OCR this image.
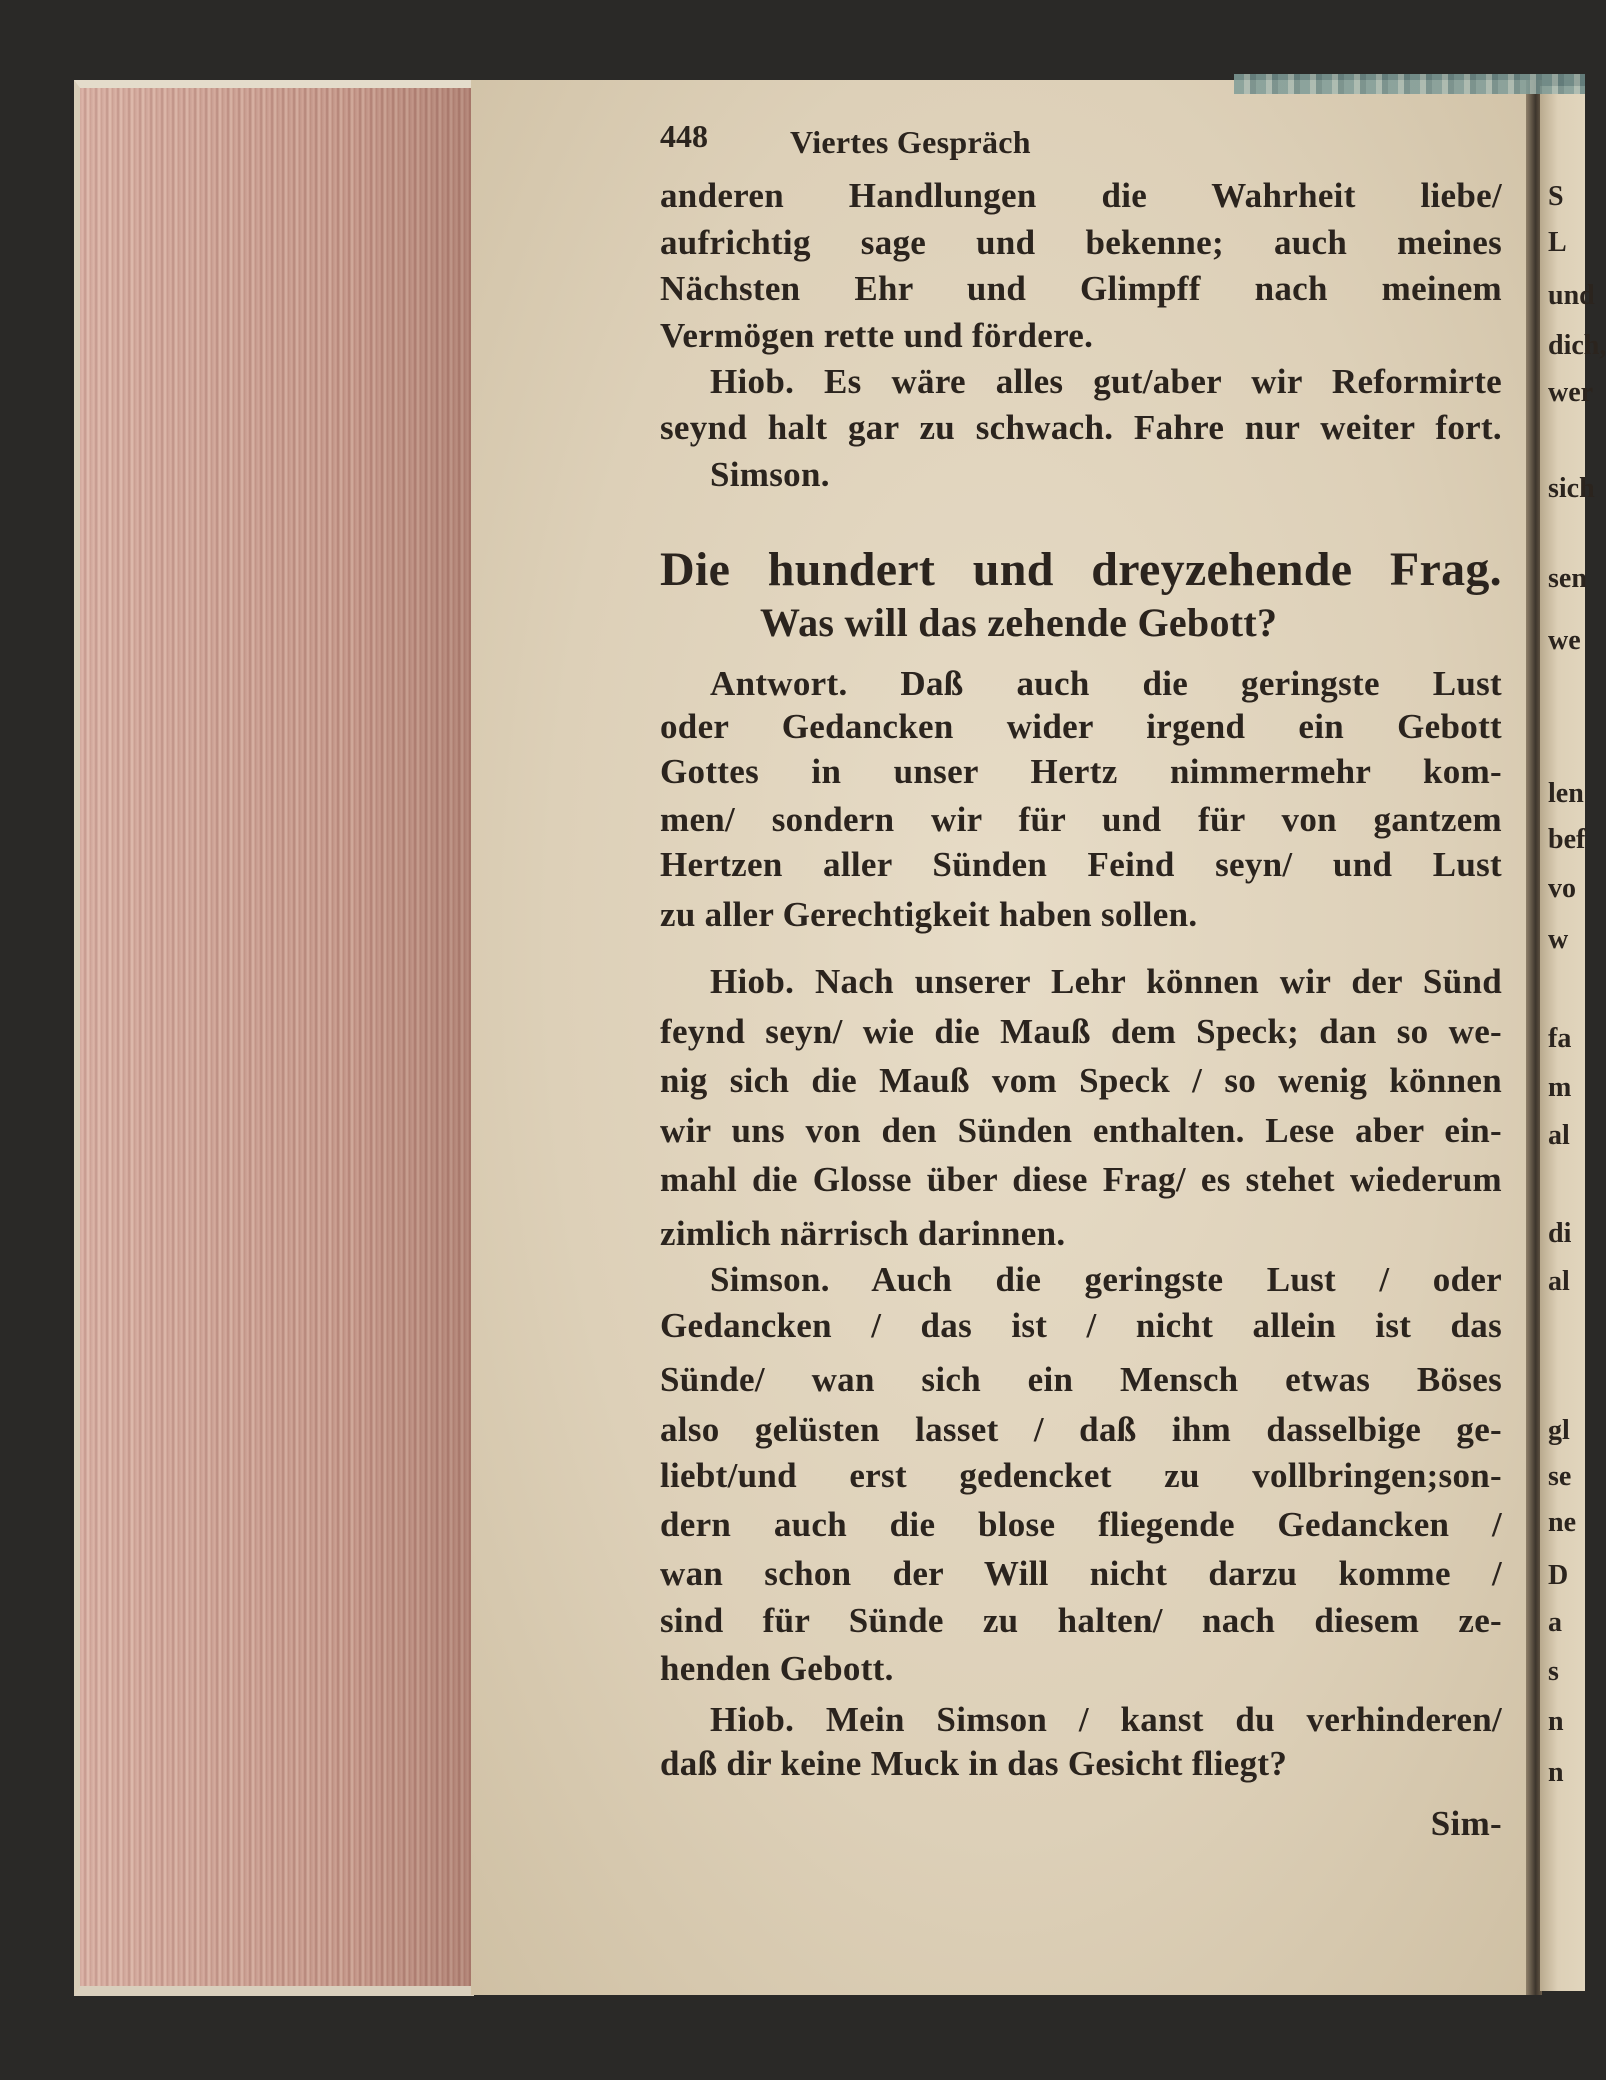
S
L
und
dich,
wer
sich
sen
we
len
bef
vo
w
fa
m
al
di
al
gl
se
ne
D
a
s
n
n
448	Viertes Gespräch
anderen Handlungen die Wahrheit liebe/
aufrichtig sage und bekenne; auch meines
Nächsten Ehr und Glimpff nach meinem
Vermögen rette und fördere.
Hiob. Es wäre alles gut/aber wir Reformirte
seynd halt gar zu schwach. Fahre nur weiter fort.
Simson.
Die hundert und dreyzehende Frag.
Was will das zehende Gebott?
Antwort. Daß auch die geringste Lust
oder Gedancken wider irgend ein Gebott
Gottes in unser Hertz nimmermehr kom-
men/ sondern wir für und für von gantzem
Hertzen aller Sünden Feind seyn/ und Lust
zu aller Gerechtigkeit haben sollen.
Hiob. Nach unserer Lehr können wir der Sünd
feynd seyn/ wie die Mauß dem Speck; dan so we-
nig sich die Mauß vom Speck / so wenig können
wir uns von den Sünden enthalten. Lese aber ein-
mahl die Glosse über diese Frag/ es stehet wiederum
zimlich närrisch darinnen.
Simson. Auch die geringste Lust / oder
Gedancken / das ist / nicht allein ist das
Sünde/ wan sich ein Mensch etwas Böses
also gelüsten lasset / daß ihm dasselbige ge-
liebt/und erst gedencket zu vollbringen;son-
dern auch die blose fliegende Gedancken /
wan schon der Will nicht darzu komme /
sind für Sünde zu halten/ nach diesem ze-
henden Gebott.
Hiob. Mein Simson / kanst du verhinderen/
daß dir keine Muck in das Gesicht fliegt?
Sim-
